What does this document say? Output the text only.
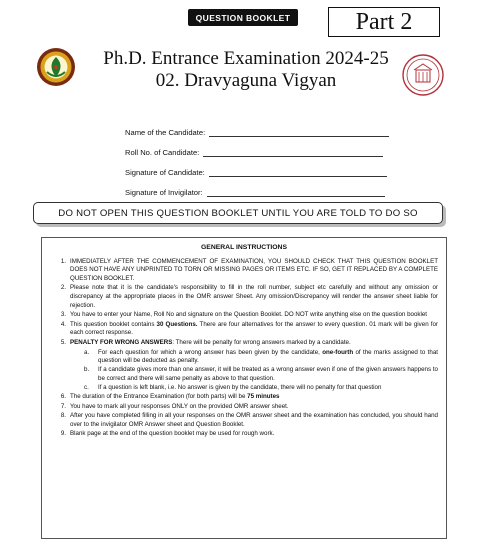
QUESTION BOOKLET	Part 2
Ph.D. Entrance Examination 2024-25
02. Dravyaguna Vigyan
Name of the Candidate:
Roll No. of Candidate:
Signature of Candidate:
Signature of Invigilator:
DO NOT OPEN THIS QUESTION BOOKLET UNTIL YOU ARE TOLD TO DO SO
GENERAL INSTRUCTIONS
1. IMMEDIATELY AFTER THE COMMENCEMENT OF EXAMINATION, YOU SHOULD CHECK THAT THIS QUESTION BOOKLET DOES NOT HAVE ANY UNPRINTED TO TORN OR MISSING PAGES OR ITEMS ETC. IF SO, GET IT REPLACED BY A COMPLETE QUESTION BOOKLET.
2. Please note that it is the candidate's responsibility to fill in the roll number, subject etc carefully and without any omission or discrepancy at the appropriate places in the OMR answer Sheet. Any omission/Discrepancy will render the answer sheet liable for rejection.
3. You have to enter your Name, Roll No and signature on the Question Booklet. DO NOT write anything else on the question booklet
4. This question booklet contains 30 Questions. There are four alternatives for the answer to every question. 01 mark will be given for each correct response.
5. PENALTY FOR WRONG ANSWERS: There will be penalty for wrong answers marked by a candidate.
a.	For each question for which a wrong answer has been given by the candidate, one-fourth of the marks assigned to that question will be deducted as penalty.
b.	If a candidate gives more than one answer, it will be treated as a wrong answer even if one of the given answers happens to be correct and there will same penalty as above to that question.
c.	If a question is left blank, i.e. No answer is given by the candidate, there will no penalty for that question
6. The duration of the Entrance Examination (for both parts) will be 75 minutes
7. You have to mark all your responses ONLY on the provided OMR answer sheet.
8. After you have completed filling in all your responses on the OMR answer sheet and the examination has concluded, you should hand over to the invigilator OMR Answer sheet and Question Booklet.
9. Blank page at the end of the question booklet may be used for rough work.
